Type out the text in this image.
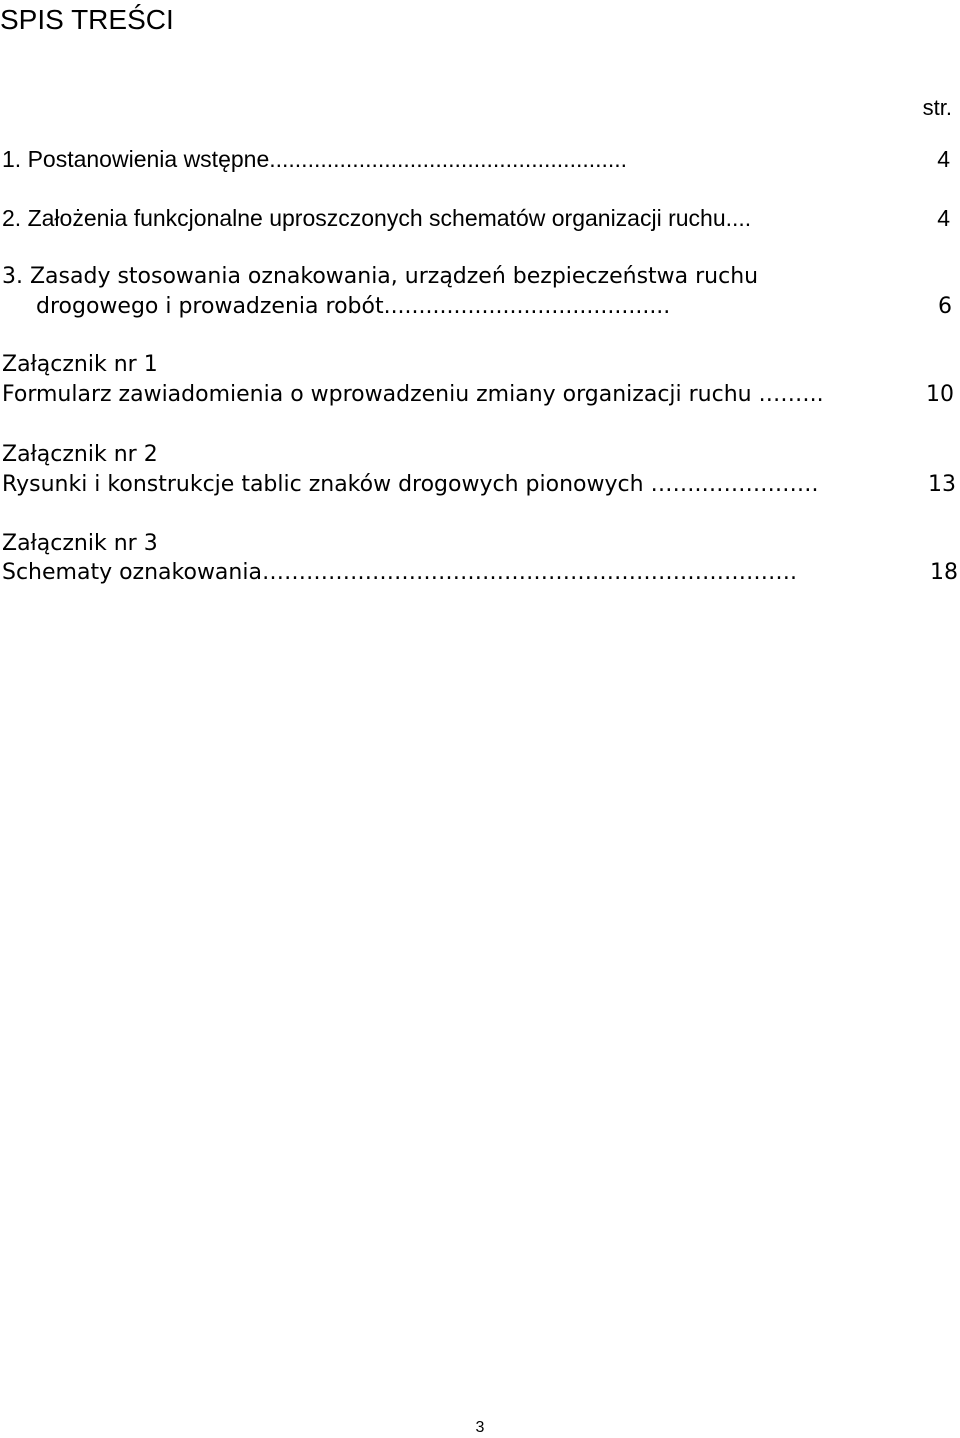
SPIS TREŚCI
str.
1. Postanowienia wstępne........................................................	4
2. Założenia funkcjonalne uproszczonych schematów organizacji ruchu....	4
3. Zasady stosowania oznakowania, urządzeń bezpieczeństwa ruchu
drogowego i prowadzenia robót.........................................	6
Załącznik nr 1
Formularz zawiadomienia o wprowadzeniu zmiany organizacji ruchu .……..	10
Załącznik nr 2
Rysunki i konstrukcje tablic znaków drogowych pionowych …….…………….	13
Załącznik nr 3
Schematy oznakowania……………………………………………………………….	18
3
